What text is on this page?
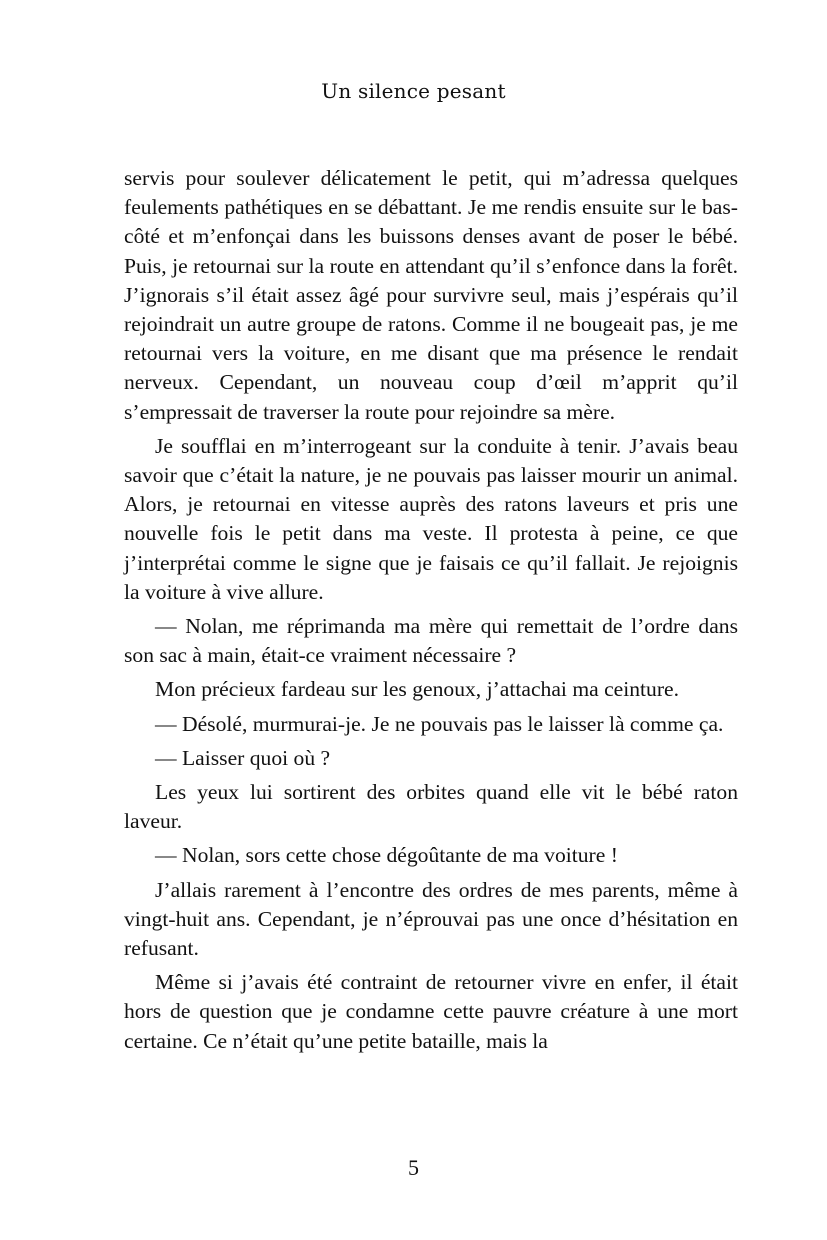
Un silence pesant

servis pour soulever délicatement le petit, qui m’adressa quelques feulements pathétiques en se débattant. Je me rendis ensuite sur le bas-côté et m’enfonçai dans les buissons denses avant de poser le bébé. Puis, je retournai sur la route en attendant qu’il s’enfonce dans la forêt. J’ignorais s’il était assez âgé pour survivre seul, mais j’espérais qu’il rejoindrait un autre groupe de ratons. Comme il ne bougeait pas, je me retournai vers la voiture, en me disant que ma présence le rendait nerveux. Cependant, un nouveau coup d’œil m’apprit qu’il s’empressait de traverser la route pour rejoindre sa mère.

Je soufflai en m’interrogeant sur la conduite à tenir. J’avais beau savoir que c’était la nature, je ne pouvais pas laisser mourir un animal. Alors, je retournai en vitesse auprès des ratons laveurs et pris une nouvelle fois le petit dans ma veste. Il protesta à peine, ce que j’interprétai comme le signe que je faisais ce qu’il fallait. Je rejoignis la voiture à vive allure.

— Nolan, me réprimanda ma mère qui remettait de l’ordre dans son sac à main, était-ce vraiment nécessaire ?

Mon précieux fardeau sur les genoux, j’attachai ma ceinture.

— Désolé, murmurai-je. Je ne pouvais pas le laisser là comme ça.

— Laisser quoi où ?

Les yeux lui sortirent des orbites quand elle vit le bébé raton laveur.

— Nolan, sors cette chose dégoûtante de ma voiture !

J’allais rarement à l’encontre des ordres de mes parents, même à vingt-huit ans. Cependant, je n’éprouvai pas une once d’hésitation en refusant.

Même si j’avais été contraint de retourner vivre en enfer, il était hors de question que je condamne cette pauvre créature à une mort certaine. Ce n’était qu’une petite bataille, mais la

5
